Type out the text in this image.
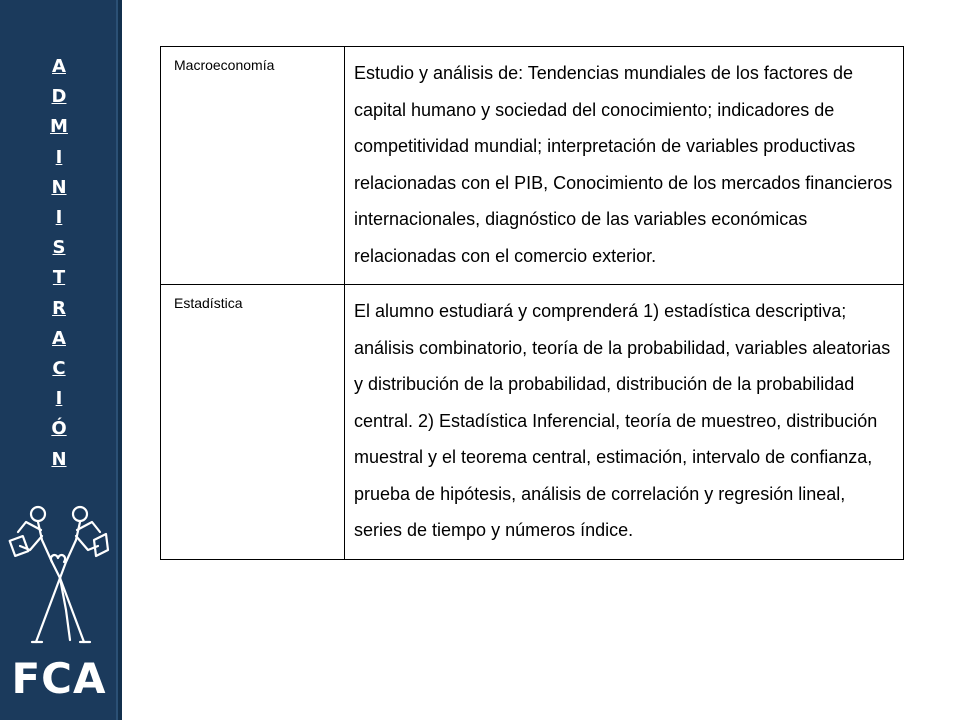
A
D
M
I
N
I
S
T
R
A
C
I
Ó
N
FCA
Macroeconomía	Estudio y análisis de: Tendencias mundiales de los factores de capital humano y sociedad del conocimiento; indicadores de competitividad mundial; interpretación de variables productivas relacionadas con el PIB, Conocimiento de los mercados financieros internacionales, diagnóstico de las variables económicas relacionadas con el comercio exterior.
Estadística	El alumno estudiará y comprenderá 1) estadística descriptiva; análisis combinatorio, teoría de la probabilidad, variables aleatorias y distribución de la probabilidad, distribución de la probabilidad central. 2) Estadística Inferencial, teoría de muestreo, distribución muestral y el teorema central, estimación, intervalo de confianza, prueba de hipótesis, análisis de correlación y regresión lineal, series de tiempo y números índice.
